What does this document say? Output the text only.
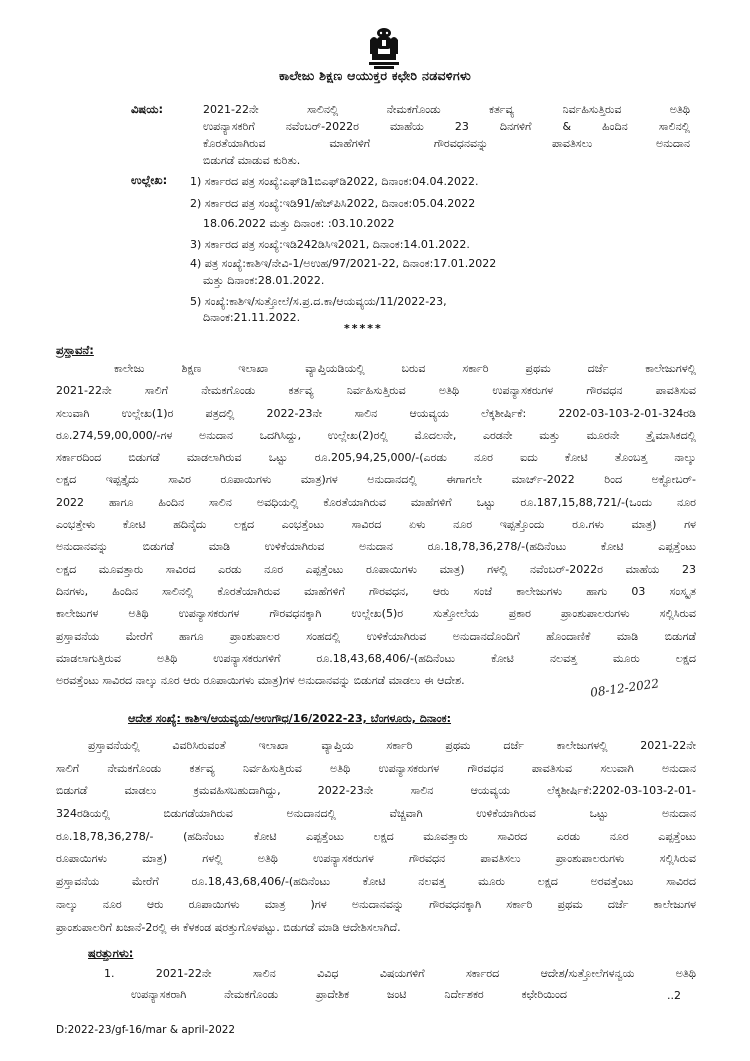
ಕಾಲೇಜು ಶಿಕ್ಷಣ ಆಯುಕ್ತರ ಕಛೇರಿ ನಡವಳಿಗಳು
ವಿಷಯ:	2021-22ನೇ ಸಾಲಿನಲ್ಲಿ ನೇಮಕಗೊಂಡು ಕರ್ತವ್ಯ ನಿರ್ವಹಿಸುತ್ತಿರುವ ಅತಿಥಿ
ಉಪನ್ಯಾಸಕರಿಗೆ ನವೆಂಬರ್-2022ರ ಮಾಹೆಯ 23 ದಿನಗಳಿಗೆ & ಹಿಂದಿನ ಸಾಲಿನಲ್ಲಿ
ಕೊರತೆಯಾಗಿರುವ ಮಾಹೆಗಳಿಗೆ ಗೌರವಧನವನ್ನು ಪಾವತಿಸಲು ಅನುದಾನ
ಬಿಡುಗಡೆ ಮಾಡುವ ಕುರಿತು.
ಉಲ್ಲೇಖ: 1) ಸರ್ಕಾರದ ಪತ್ರ ಸಂಖ್ಯೆ:ಎಫ್‌ಡಿ1ಬಿಎಫ್‌ಡಿ2022, ದಿನಾಂಕ:04.04.2022.
2) ಸರ್ಕಾರದ ಪತ್ರ ಸಂಖ್ಯೆ:ಇಡಿ91/ಹೆಚ್‌ಪಿಸಿ2022, ದಿನಾಂಕ:05.04.2022
18.06.2022 ಮತ್ತು ದಿನಾಂಕ: :03.10.2022
3) ಸರ್ಕಾರದ ಪತ್ರ ಸಂಖ್ಯೆ:ಇಡಿ242ಡಿಸಿಇ2021, ದಿನಾಂಕ:14.01.2022.
4) ಪತ್ರ ಸಂಖ್ಯೆ:ಕಾಶಿಇ/ನೇವಿ-1/ಅಉಹ/97/2021-22, ದಿನಾಂಕ:17.01.2022
ಮತ್ತು ದಿನಾಂಕ:28.01.2022.
5) ಸಂಖ್ಯೆ:ಕಾಶಿಇ/ಸುತ್ತೋಲೆ/ಸ.ಪ್ರ.ದ.ಕಾ/ಆಯವ್ಯಯ/11/2022-23,
ದಿನಾಂಕ:21.11.2022.
*****
ಪ್ರಸ್ತಾವನೆ:
ಕಾಲೇಜು ಶಿಕ್ಷಣ ಇಲಾಖಾ ವ್ಯಾಪ್ತಿಯಡಿಯಲ್ಲಿ ಬರುವ ಸರ್ಕಾರಿ ಪ್ರಥಮ ದರ್ಜೆ ಕಾಲೇಜುಗಳಲ್ಲಿ
2021-22ನೇ ಸಾಲಿಗೆ ನೇಮಕಗೊಂಡು ಕರ್ತವ್ಯ ನಿರ್ವಹಿಸುತ್ತಿರುವ ಅತಿಥಿ ಉಪನ್ಯಾಸಕರುಗಳ ಗೌರವಧನ ಪಾವತಿಸುವ
ಸಲುವಾಗಿ ಉಲ್ಲೇಖ(1)ರ ಪತ್ರದಲ್ಲಿ 2022-23ನೇ ಸಾಲಿನ ಆಯವ್ಯಯ ಲೆಕ್ಕಶೀರ್ಷಿಕೆ: 2202-03-103-2-01-324ರಡಿ
ರೂ.274,59,00,000/-ಗಳ ಅನುದಾನ ಒದಗಿಸಿದ್ದು, ಉಲ್ಲೇಖ(2)ರಲ್ಲಿ ಮೊದಲನೇ, ಎರಡನೇ ಮತ್ತು ಮೂರನೇ ತ್ರೈಮಾಸಿಕದಲ್ಲಿ
ಸರ್ಕಾರದಿಂದ ಬಿಡುಗಡೆ ಮಾಡಲಾಗಿರುವ ಒಟ್ಟು ರೂ.205,94,25,000/-(ಎರಡು ನೂರ ಐದು ಕೋಟಿ ತೊಂಬತ್ತ ನಾಲ್ಕು
ಲಕ್ಷದ ಇಪ್ಪತ್ತೈದು ಸಾವಿರ ರೂಪಾಯಿಗಳು ಮಾತ್ರ)ಗಳ ಅನುದಾನದಲ್ಲಿ ಈಗಾಗಲೇ ಮಾರ್ಚ್-2022 ರಿಂದ ಅಕ್ಟೋಬರ್-
2022 ಹಾಗೂ ಹಿಂದಿನ ಸಾಲಿನ ಅವಧಿಯಲ್ಲಿ ಕೊರತೆಯಾಗಿರುವ ಮಾಹೆಗಳಿಗೆ ಒಟ್ಟು ರೂ.187,15,88,721/-(ಒಂದು ನೂರ
ಎಂಭತ್ತೇಳು ಕೋಟಿ ಹದಿನೈದು ಲಕ್ಷದ ಎಂಭತ್ತೆಂಟು ಸಾವಿರದ ಏಳು ನೂರ ಇಪ್ಪತ್ತೊಂದು ರೂ.ಗಳು ಮಾತ್ರ) ಗಳ
ಅನುದಾನವನ್ನು ಬಿಡುಗಡೆ ಮಾಡಿ ಉಳಿಕೆಯಾಗಿರುವ ಅನುದಾನ ರೂ.18,78,36,278/-(ಹದಿನೆಂಟು ಕೋಟಿ ಎಪ್ಪತ್ತೆಂಟು
ಲಕ್ಷದ ಮೂವತ್ತಾರು ಸಾವಿರದ ಎರಡು ನೂರ ಎಪ್ಪತ್ತೆಂಟು ರೂಪಾಯಿಗಳು ಮಾತ್ರ) ಗಳಲ್ಲಿ ನವೆಂಬರ್-2022ರ ಮಾಹೆಯ 23
ದಿನಗಳು, ಹಿಂದಿನ ಸಾಲಿನಲ್ಲಿ ಕೊರತೆಯಾಗಿರುವ ಮಾಹೆಗಳಿಗೆ ಗೌರವಧನ, ಆರು ಸಂಜೆ ಕಾಲೇಜುಗಳು ಹಾಗು 03 ಸಂಸ್ಕೃತ
ಕಾಲೇಜುಗಳ ಅತಿಥಿ ಉಪನ್ಯಾಸಕರುಗಳ ಗೌರವಧನಕ್ಕಾಗಿ ಉಲ್ಲೇಖ(5)ರ ಸುತ್ತೋಲೆಯ ಪ್ರಕಾರ ಪ್ರಾಂಶುಪಾಲರುಗಳು ಸಲ್ಲಿಸಿರುವ
ಪ್ರಸ್ತಾವನೆಯ ಮೇರೆಗೆ ಹಾಗೂ ಪ್ರಾಂಶುಪಾಲರ ಸಂಹದಲ್ಲಿ ಉಳಿಕೆಯಾಗಿರುವ ಅನುದಾನದೊಂದಿಗೆ ಹೊಂದಾಣಿಕೆ ಮಾಡಿ ಬಿಡುಗಡೆ
ಮಾಡಲಾಗುತ್ತಿರುವ ಅತಿಥಿ ಉಪನ್ಯಾಸಕರುಗಳಿಗೆ ರೂ.18,43,68,406/-(ಹದಿನೆಂಟು ಕೋಟಿ ನಲವತ್ತ ಮೂರು ಲಕ್ಷದ
ಅರವತ್ತೆಂಟು ಸಾವಿರದ ನಾಲ್ಕು ನೂರ ಆರು ರೂಪಾಯಿಗಳು ಮಾತ್ರ)ಗಳ ಅನುದಾನವನ್ನು ಬಿಡುಗಡೆ ಮಾಡಲು ಈ ಆದೇಶ.
ಆದೇಶ ಸಂಖ್ಯೆ: ಕಾಶಿಇ/ಆಯವ್ಯಯ/ಅಉಗೌಧ/16/2022-23, ಬೆಂಗಳೂರು, ದಿನಾಂಕ:
08-12-2022
ಪ್ರಸ್ತಾವನೆಯಲ್ಲಿ ವಿವರಿಸಿರುವಂತೆ ಇಲಾಖಾ ವ್ಯಾಪ್ತಿಯ ಸರ್ಕಾರಿ ಪ್ರಥಮ ದರ್ಜೆ ಕಾಲೇಜುಗಳಲ್ಲಿ 2021-22ನೇ
ಸಾಲಿಗೆ ನೇಮಕಗೊಂಡು ಕರ್ತವ್ಯ ನಿರ್ವಹಿಸುತ್ತಿರುವ ಅತಿಥಿ ಉಪನ್ಯಾಸಕರುಗಳ ಗೌರವಧನ ಪಾವತಿಸುವ ಸಲುವಾಗಿ ಅನುದಾನ
ಬಿಡುಗಡೆ ಮಾಡಲು ಕ್ರಮವಹಿಸಬಹುದಾಗಿದ್ದು, 2022-23ನೇ ಸಾಲಿನ ಆಯವ್ಯಯ ಲೆಕ್ಕಶೀರ್ಷಿಕೆ:2202-03-103-2-01-
324ರಡಿಯಲ್ಲಿ ಬಿಡುಗಡೆಯಾಗಿರುವ ಅನುದಾನದಲ್ಲಿ ವೆಚ್ಚವಾಗಿ ಉಳಿಕೆಯಾಗಿರುವ ಒಟ್ಟು ಅನುದಾನ
ರೂ.18,78,36,278/- (ಹದಿನೆಂಟು ಕೋಟಿ ಎಪ್ಪತ್ತೆಂಟು ಲಕ್ಷದ ಮೂವತ್ತಾರು ಸಾವಿರದ ಎರಡು ನೂರ ಎಪ್ಪತ್ತೆಂಟು
ರೂಪಾಯಿಗಳು ಮಾತ್ರ) ಗಳಲ್ಲಿ ಅತಿಥಿ ಉಪನ್ಯಾಸಕರುಗಳ ಗೌರವಧನ ಪಾವತಿಸಲು ಪ್ರಾಂಶುಪಾಲರುಗಳು ಸಲ್ಲಿಸಿರುವ
ಪ್ರಸ್ತಾವನೆಯ ಮೇರೆಗೆ ರೂ.18,43,68,406/-(ಹದಿನೆಂಟು ಕೋಟಿ ನಲವತ್ತ ಮೂರು ಲಕ್ಷದ ಅರವತ್ತೆಂಟು ಸಾವಿರದ
ನಾಲ್ಕು ನೂರ ಆರು ರೂಪಾಯಿಗಳು ಮಾತ್ರ )ಗಳ ಅನುದಾನವನ್ನು ಗೌರವಧನಕ್ಕಾಗಿ ಸರ್ಕಾರಿ ಪ್ರಥಮ ದರ್ಜೆ ಕಾಲೇಜುಗಳ
ಪ್ರಾಂಶುಪಾಲರಿಗೆ ಖಜಾನೆ-2ರಲ್ಲಿ ಈ ಕೆಳಕಂಡ ಷರತ್ತುಗೊಳಪಟ್ಟು. ಬಿಡುಗಡೆ ಮಾಡಿ ಆದೇಶಿಸಲಾಗಿದೆ.
ಷರತ್ತುಗಳು:
1. 2021-22ನೇ ಸಾಲಿನ ವಿವಿಧ ವಿಷಯಗಳಿಗೆ ಸರ್ಕಾರದ ಆದೇಶ/ಸುತ್ತೋಲೆಗಳನ್ವಯ ಅತಿಥಿ
ಉಪನ್ಯಾಸಕರಾಗಿ ನೇಮಕಗೊಂಡು ಪ್ರಾದೇಶಿಕ ಜಂಟಿ ನಿರ್ದೇಶಕರ ಕಛೇರಿಯಿಂದ	..2
D:2022-23/gf-16/mar & april-2022
